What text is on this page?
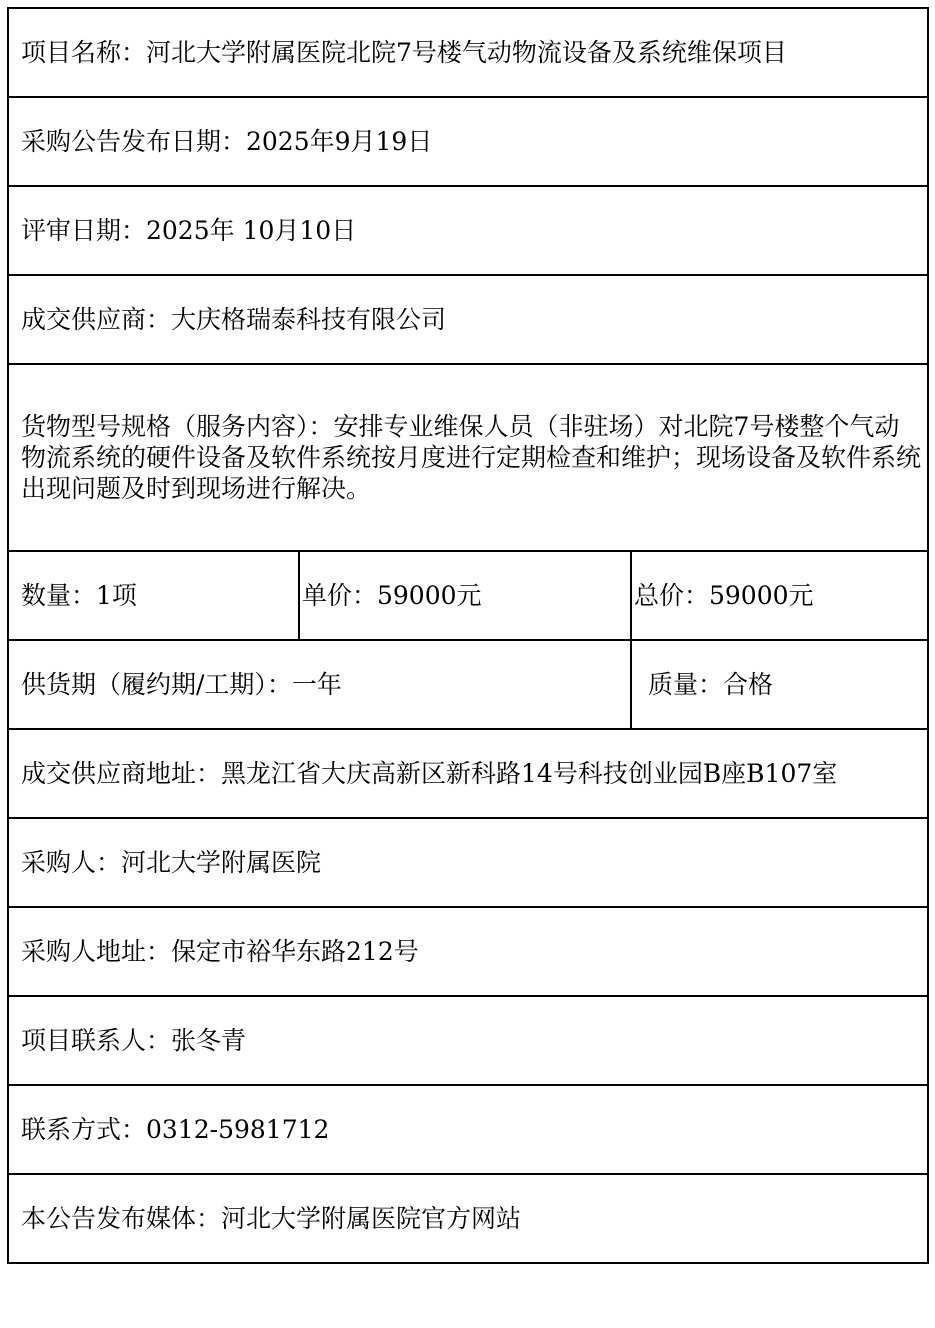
项目名称：河北大学附属医院北院7号楼气动物流设备及系统维保项目		
采购公告发布日期：2025年9月19日		
评审日期：2025年 10月10日		
成交供应商：大庆格瑞泰科技有限公司		
货物型号规格（服务内容）：安排专业维保人员（非驻场）对北院7号楼整个气动物流系统的硬件设备及软件系统按月度进行定期检查和维护；现场设备及软件系统出现问题及时到现场进行解决。		
数量：1项	单价：59000元	总价：59000元
供货期（履约期/工期）：一年		质量：合格
成交供应商地址：黑龙江省大庆高新区新科路14号科技创业园B座B107室		
采购人：河北大学附属医院		
采购人地址：保定市裕华东路212号		
项目联系人：张冬青		
联系方式：0312-5981712		
本公告发布媒体：河北大学附属医院官方网站		
